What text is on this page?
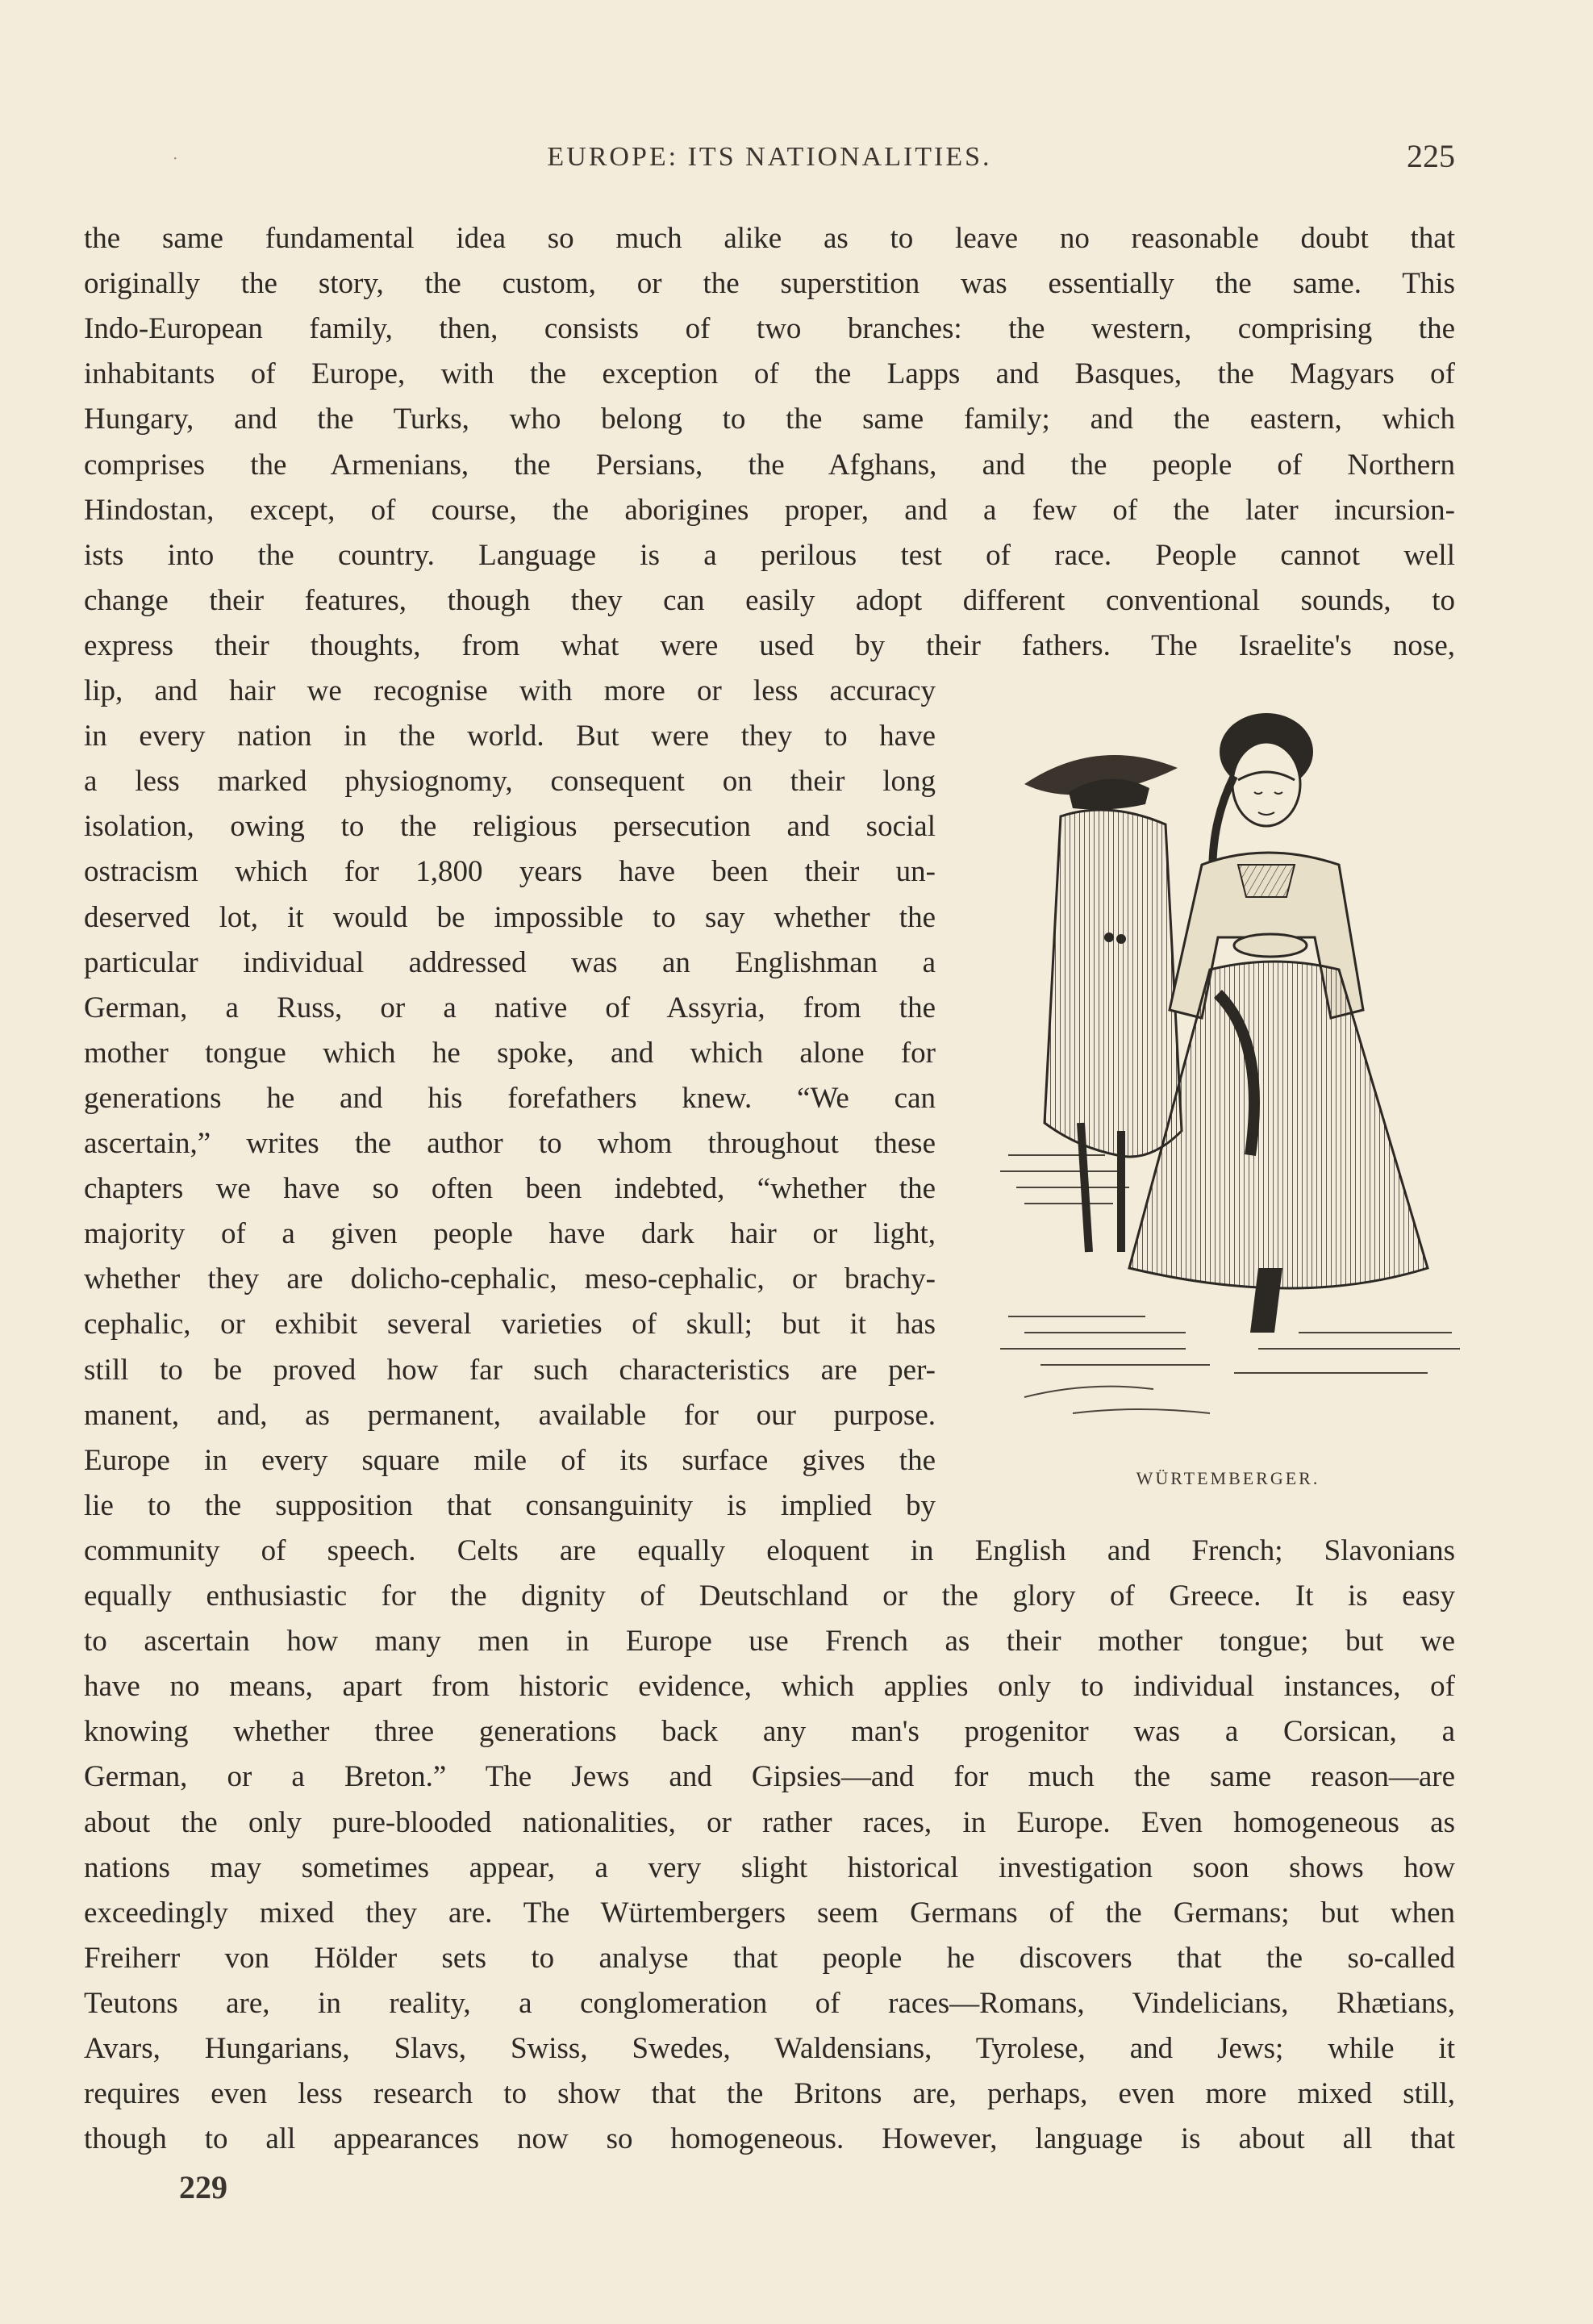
·	EUROPE: ITS NATIONALITIES.	225
the same fundamental idea so much alike as to leave no reasonable doubt that
originally the story, the custom, or the superstition was essentially the same. This
Indo-European family, then, consists of two branches: the western, comprising the
inhabitants of Europe, with the exception of the Lapps and Basques, the Magyars of
Hungary, and the Turks, who belong to the same family; and the eastern, which
comprises the Armenians, the Persians, the Afghans, and the people of Northern
Hindostan, except, of course, the aborigines proper, and a few of the later incursion-
ists into the country. Language is a perilous test of race. People cannot well
change their features, though they can easily adopt different conventional sounds, to
express their thoughts, from what were used by their fathers. The Israelite's nose,
lip, and hair we recognise with more or less accuracy
in every nation in the world. But were they to have
a less marked physiognomy, consequent on their long
isolation, owing to the religious persecution and social
ostracism which for 1,800 years have been their un-
deserved lot, it would be impossible to say whether the
particular individual addressed was an Englishman a
German, a Russ, or a native of Assyria, from the
mother tongue which he spoke, and which alone for
generations he and his forefathers knew. “We can
ascertain,” writes the author to whom throughout these
chapters we have so often been indebted, “whether the
majority of a given people have dark hair or light,
whether they are dolicho-cephalic, meso-cephalic, or brachy-
cephalic, or exhibit several varieties of skull; but it has
still to be proved how far such characteristics are per-
manent, and, as permanent, available for our purpose.
Europe in every square mile of its surface gives the
lie to the supposition that consanguinity is implied by
community of speech. Celts are equally eloquent in English and French; Slavonians
equally enthusiastic for the dignity of Deutschland or the glory of Greece. It is easy
to ascertain how many men in Europe use French as their mother tongue; but we
have no means, apart from historic evidence, which applies only to individual instances, of
knowing whether three generations back any man's progenitor was a Corsican, a
German, or a Breton.” The Jews and Gipsies—and for much the same reason—are
about the only pure-blooded nationalities, or rather races, in Europe. Even homogeneous as
nations may sometimes appear, a very slight historical investigation soon shows how
exceedingly mixed they are. The Würtembergers seem Germans of the Germans; but when
Freiherr von Hölder sets to analyse that people he discovers that the so-called
Teutons are, in reality, a conglomeration of races—Romans, Vindelicians, Rhætians,
Avars, Hungarians, Slavs, Swiss, Swedes, Waldensians, Tyrolese, and Jews; while it
requires even less research to show that the Britons are, perhaps, even more mixed still,
though to all appearances now so homogeneous. However, language is about all that
WÜRTEMBERGER.
229
